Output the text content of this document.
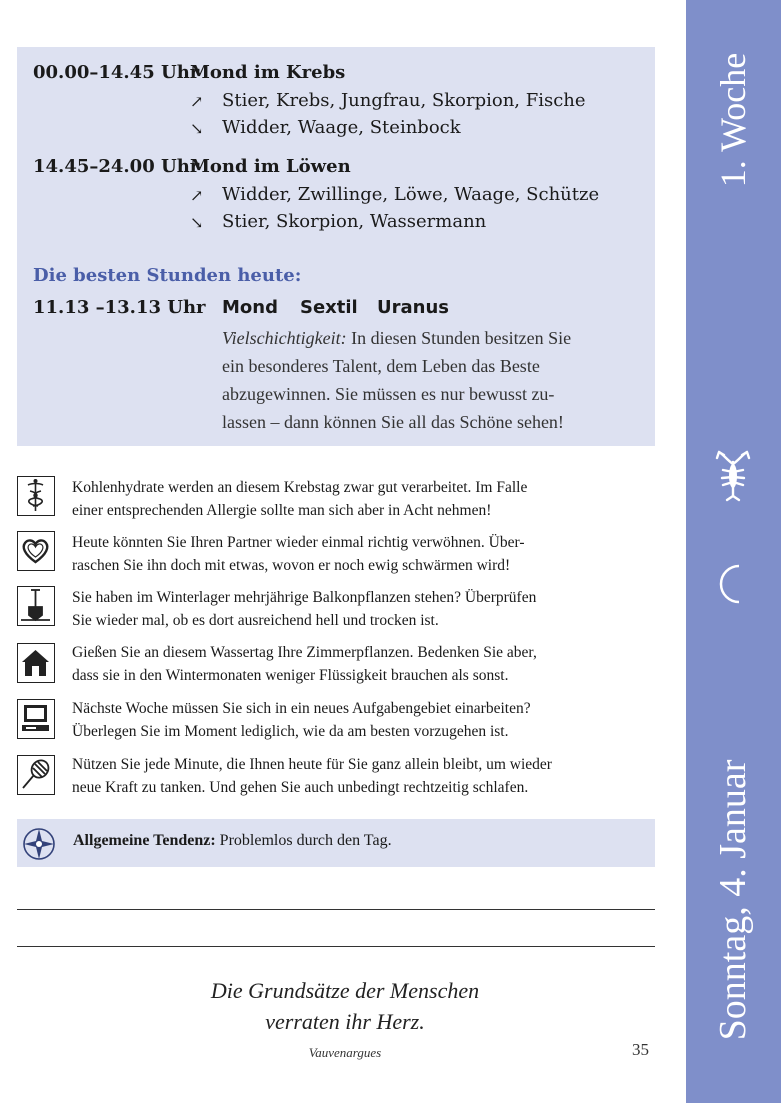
1. Woche
Sonntag, 4. Januar
00.00–14.45 Uhr
Mond im Krebs
↗ Stier, Krebs, Jungfrau, Skorpion, Fische
↘ Widder, Waage, Steinbock
14.45–24.00 Uhr
Mond im Löwen
↗ Widder, Zwillinge, Löwe, Waage, Schütze
↘ Stier, Skorpion, Wassermann
Die besten Stunden heute:
11.13 –13.13 Uhr Mond Sextil Uranus
Vielschichtigkeit: In diesen Stunden besitzen Sie
ein besonderes Talent, dem Leben das Beste
abzugewinnen. Sie müssen es nur bewusst zu-
lassen – dann können Sie all das Schöne sehen!
Kohlenhydrate werden an diesem Krebstag zwar gut verarbeitet. Im Falle
einer entsprechenden Allergie sollte man sich aber in Acht nehmen!
Heute könnten Sie Ihren Partner wieder einmal richtig verwöhnen. Über-
raschen Sie ihn doch mit etwas, wovon er noch ewig schwärmen wird!
Sie haben im Winterlager mehrjährige Balkonpflanzen stehen? Überprüfen
Sie wieder mal, ob es dort ausreichend hell und trocken ist.
Gießen Sie an diesem Wassertag Ihre Zimmerpflanzen. Bedenken Sie aber,
dass sie in den Wintermonaten weniger Flüssigkeit brauchen als sonst.
Nächste Woche müssen Sie sich in ein neues Aufgabengebiet einarbeiten?
Überlegen Sie im Moment lediglich, wie da am besten vorzugehen ist.
Nützen Sie jede Minute, die Ihnen heute für Sie ganz allein bleibt, um wieder
neue Kraft zu tanken. Und gehen Sie auch unbedingt rechtzeitig schlafen.
Allgemeine Tendenz: Problemlos durch den Tag.
Die Grundsätze der Menschen
verraten ihr Herz.
Vauvenargues	35
